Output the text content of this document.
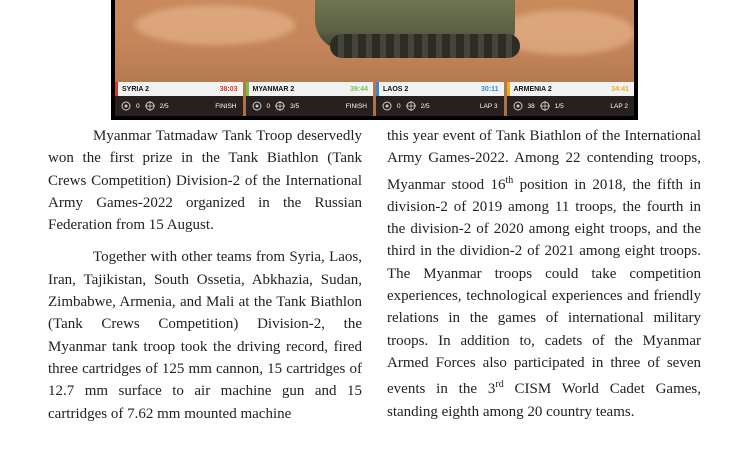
SYRIA 2	38:03
0	2/5	FINISH
MYANMAR 2	39:44
0	3/5	FINISH
LAOS 2	30:11
0	2/5	LAP 3
ARMENIA 2	34:41
38	1/5	LAP 2

Myanmar Tatmadaw Tank Troop deservedly won the first prize in the Tank Biathlon (Tank Crews Competition) Division-2 of the International Army Games-2022 organized in the Russian Federation from 15 August.

Together with other teams from Syria, Laos, Iran, Tajikistan, South Ossetia, Abkhazia, Sudan, Zimbabwe, Armenia, and Mali at the Tank Biathlon (Tank Crews Competition) Division-2, the Myanmar tank troop took the driving record, fired three cartridges of 125 mm cannon, 15 cartridges of 12.7 mm surface to air machine gun and 15 cartridges of 7.62 mm mounted machine

this year event of Tank Biathlon of the International Army Games-2022. Among 22 contending troops, Myanmar stood 16th position in 2018, the fifth in division-2 of 2019 among 11 troops, the fourth in the division-2 of 2020 among eight troops, and the third in the dividion-2 of 2021 among eight troops. The Myanmar troops could take competition experiences, technological experiences and friendly relations in the games of international military troops. In addition to, cadets of the Myanmar Armed Forces also participated in three of seven events in the 3rd CISM World Cadet Games, standing eighth among 20 country teams.
